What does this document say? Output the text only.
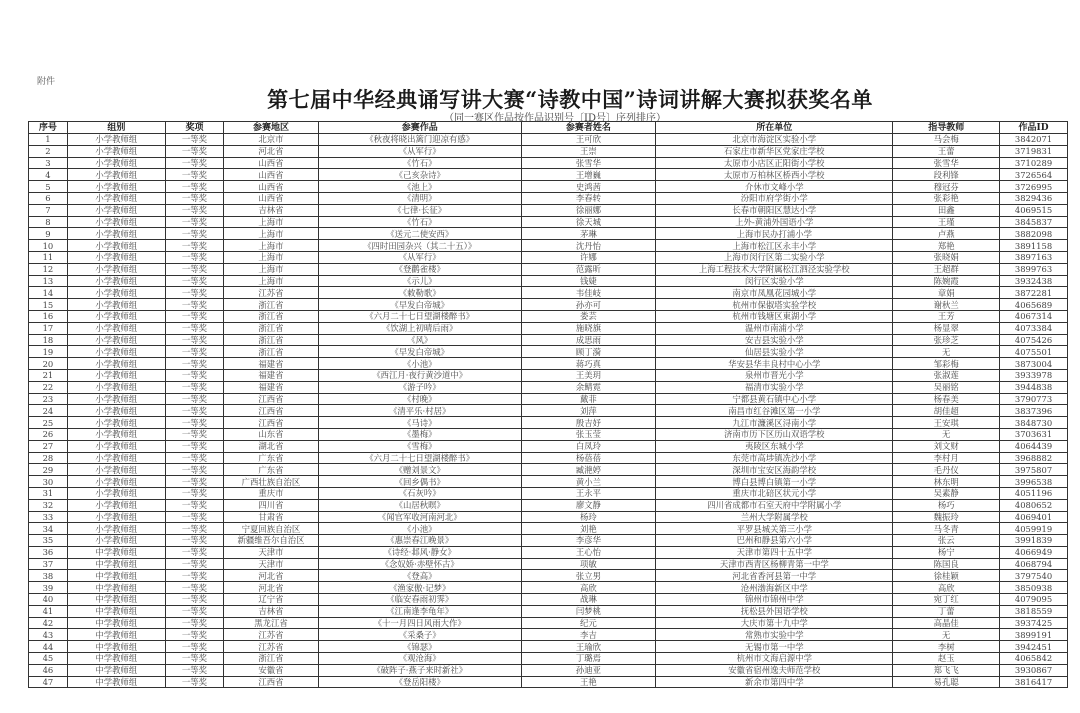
附件
第七届中华经典诵写讲大赛“诗教中国”诗词讲解大赛拟获奖名单
（同一赛区作品按作品识别号〔ID号〕序列排序）
序号	组别	奖项	参赛地区	参赛作品	参赛者姓名	所在单位	指导教师	作品ID
1	小学教师组	一等奖	北京市	《秋夜将晓出篱门迎凉有感》	王可欣	北京市海淀区实验小学	马会梅	3842071
2	小学教师组	一等奖	河北省	《从军行》	王崇	石家庄市新华区党家庄学校	王蕾	3719831
3	小学教师组	一等奖	山西省	《竹石》	张雪华	太原市小店区正阳街小学校	张雪华	3710289
4	小学教师组	一等奖	山西省	《己亥杂诗》	王增巍	太原市万柏林区桥西小学校	段利锋	3726564
5	小学教师组	一等奖	山西省	《池上》	史鸿茜	介休市文峰小学	穆冠芬	3726995
6	小学教师组	一等奖	山西省	《清明》	李春转	汾阳市府学街小学	张彩艳	3829436
7	小学教师组	一等奖	吉林省	《七律·长征》	徐丽娜	长春市朝阳区慧达小学	田鑫	4069515
8	小学教师组	一等奖	上海市	《竹石》	徐天城	上外-黄浦外国语小学	王瑾	3845837
9	小学教师组	一等奖	上海市	《送元二使安西》	茅琳	上海市民办打浦小学	卢燕	3882098
10	小学教师组	一等奖	上海市	《四时田园杂兴（其二十五）》	沈丹怡	上海市松江区永丰小学	郑艳	3891158
11	小学教师组	一等奖	上海市	《从军行》	许娜	上海市闵行区第二实验小学	张晓娟	3897163
12	小学教师组	一等奖	上海市	《登鹳雀楼》	范露昕	上海工程技术大学附属松江泗泾实验学校	王超群	3899763
13	小学教师组	一等奖	上海市	《示儿》	钱婕	闵行区实验小学	陈婉霞	3932438
14	小学教师组	一等奖	江苏省	《敕勒歌》	韦佳岐	南京市凤凰花园城小学	章娟	3872281
15	小学教师组	一等奖	浙江省	《早发白帝城》	孙亦可	杭州市保俶塔实验学校	谢秋兰	4065689
16	小学教师组	一等奖	浙江省	《六月二十七日望湖楼醉书》	娄芸	杭州市钱塘区東湖小学	王芳	4067314
17	小学教师组	一等奖	浙江省	《饮湖上初晴后雨》	施晓旗	温州市南浦小学	杨显翠	4073384
18	小学教师组	一等奖	浙江省	《风》	成思雨	安吉县实验小学	张珍芝	4075426
19	小学教师组	一等奖	浙江省	《早发白帝城》	顾丁漪	仙居县实验小学	无	4075501
20	小学教师组	一等奖	福建省	《小池》	蒋巧真	华安县华丰良村中心小学	邹彩梅	3873004
21	小学教师组	一等奖	福建省	《西江月·夜行黄沙道中》	王美玥	泉州市晋光小学	张淑莲	3933978
22	小学教师组	一等奖	福建省	《游子吟》	余鲭霓	福清市实验小学	吴丽铭	3944838
23	小学教师组	一等奖	江西省	《村晚》	戴菲	宁都县黄石镇中心小学	杨春美	3790773
24	小学教师组	一等奖	江西省	《清平乐·村居》	刘萍	南昌市红谷滩区第一小学	胡佳超	3837396
25	小学教师组	一等奖	江西省	《马诗》	殷吉妤	九江市濂溪区浔南小学	王安琪	3848730
26	小学教师组	一等奖	山东省	《墨梅》	张玉莹	济南市历下区历山双语学校	无	3703631
27	小学教师组	一等奖	湖北省	《雪梅》	白凤玲	夷陵区东城小学	刘文财	4064439
28	小学教师组	一等奖	广东省	《六月二十七日望湖楼醉书》	杨蓓蓓	东莞市高埗镇冼沙小学	李村月	3968882
29	小学教师组	一等奖	广东省	《赠刘景文》	臧滟婷	深圳市宝安区海韵学校	毛丹仪	3975807
30	小学教师组	一等奖	广西壮族自治区	《回乡偶书》	黄小兰	博白县博白镇第一小学	林东明	3996538
31	小学教师组	一等奖	重庆市	《石灰吟》	王永平	重庆市北碚区状元小学	吴素静	4051196
32	小学教师组	一等奖	四川省	《山居秋暝》	廖文静	四川省成都市石室天府中学附属小学	杨巧	4080652
33	小学教师组	一等奖	甘肃省	《闻官军收河南河北》	杨玲	兰州大学附属学校	魏振玲	4069401
34	小学教师组	一等奖	宁夏回族自治区	《小池》	刘艳	平罗县城关第三小学	马冬青	4059919
35	小学教师组	一等奖	新疆维吾尔自治区	《惠崇春江晚景》	李彦华	巴州和静县第六小学	张云	3991839
36	中学教师组	一等奖	天津市	《诗经·邶风·静女》	王心怡	天津市第四十五中学	杨宁	4066949
37	中学教师组	一等奖	天津市	《念奴娇·赤壁怀古》	项敏	天津市西青区杨柳青第一中学	陈国良	4068794
38	中学教师组	一等奖	河北省	《登高》	张立男	河北省香河县第一中学	徐桂颖	3797540
39	中学教师组	一等奖	河北省	《渔家傲·记梦》	高欣	沧州渤海新区中学	高欣	3850938
40	中学教师组	一等奖	辽宁省	《临安春雨初霁》	战琳	锦州市锦州中学	宛丁红	4079095
41	中学教师组	一等奖	吉林省	《江南逢李龟年》	闫梦桃	抚松县外国语学校	丁蕾	3818559
42	中学教师组	一等奖	黑龙江省	《十一月四日风雨大作》	纪元	大庆市第十九中学	高晶佳	3937425
43	中学教师组	一等奖	江苏省	《采桑子》	李吉	常熟市实验中学	无	3899191
44	中学教师组	一等奖	江苏省	《锦瑟》	王瑜欣	无锡市第一中学	李树	3942451
45	中学教师组	一等奖	浙江省	《观沧海》	丁璐焉	杭州市文海启源中学	赵玉	4065842
46	中学教师组	一等奖	安徽省	《破阵子·燕子来时新社》	孙迪亚	安徽省宿州逸夫师范学校	郑飞飞	3930867
47	中学教师组	一等奖	江西省	《登岳阳楼》	王艳	新余市第四中学	易孔聪	3816417
